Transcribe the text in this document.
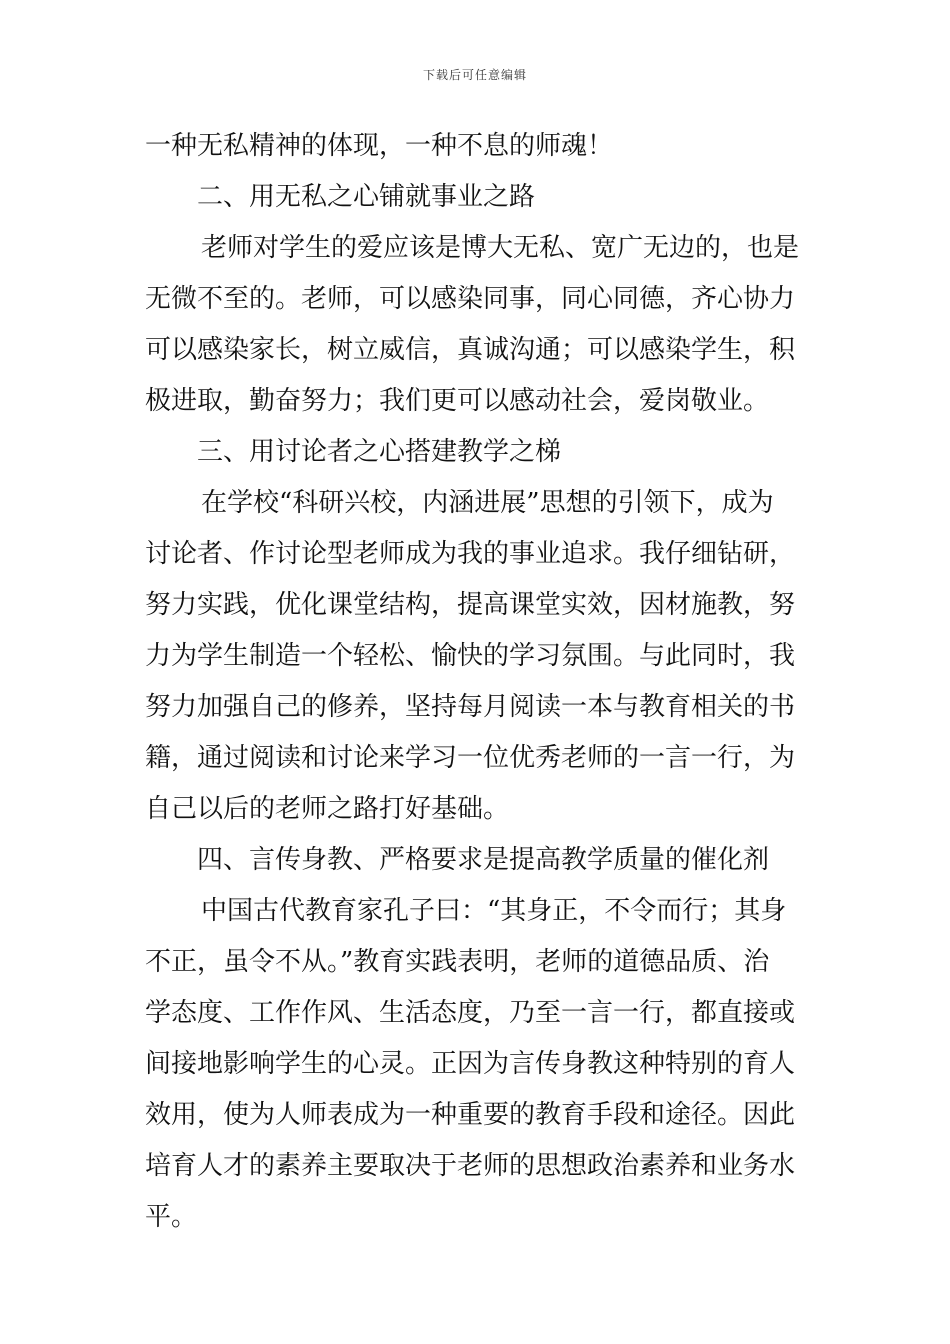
下载后可任意编辑
一种无私精神的体现，一种不息的师魂！
二、用无私之心铺就事业之路
老师对学生的爱应该是博大无私、宽广无边的，也是
无微不至的。老师，可以感染同事，同心同德，齐心协力
可以感染家长，树立威信，真诚沟通；可以感染学生，积
极进取，勤奋努力；我们更可以感动社会，爱岗敬业。
三、用讨论者之心搭建教学之梯
在学校“科研兴校，内涵进展”思想的引领下，成为
讨论者、作讨论型老师成为我的事业追求。我仔细钻研，
努力实践，优化课堂结构，提高课堂实效，因材施教，努
力为学生制造一个轻松、愉快的学习氛围。与此同时，我
努力加强自己的修养，坚持每月阅读一本与教育相关的书
籍，通过阅读和讨论来学习一位优秀老师的一言一行，为
自己以后的老师之路打好基础。
四、言传身教、严格要求是提高教学质量的催化剂
中国古代教育家孔子曰：“其身正，不令而行；其身
不正，虽令不从。”教育实践表明，老师的道德品质、治
学态度、工作作风、生活态度，乃至一言一行，都直接或
间接地影响学生的心灵。正因为言传身教这种特别的育人
效用，使为人师表成为一种重要的教育手段和途径。因此
培育人才的素养主要取决于老师的思想政治素养和业务水
平。
